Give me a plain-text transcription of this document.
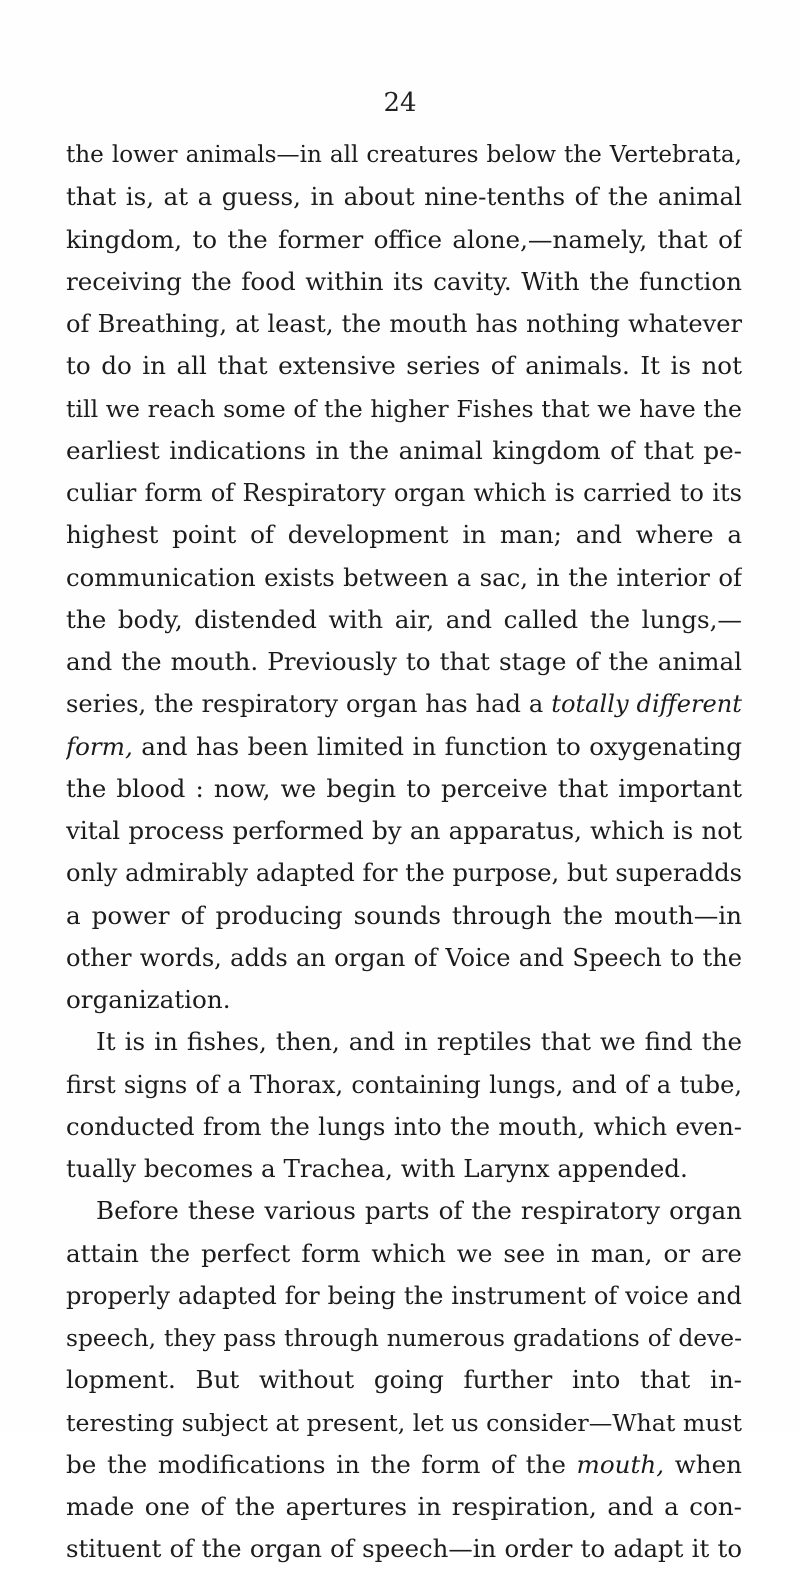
24
the lower animals—in all creatures below the Vertebrata,
that is, at a guess, in about nine-tenths of the animal
kingdom, to the former office alone,—namely, that of
receiving the food within its cavity. With the function
of Breathing, at least, the mouth has nothing whatever
to do in all that extensive series of animals. It is not
till we reach some of the higher Fishes that we have the
earliest indications in the animal kingdom of that pe-
culiar form of Respiratory organ which is carried to its
highest point of development in man; and where a
communication exists between a sac, in the interior of
the body, distended with air, and called the lungs,—
and the mouth. Previously to that stage of the animal
series, the respiratory organ has had a totally different
form, and has been limited in function to oxygenating
the blood : now, we begin to perceive that important
vital process performed by an apparatus, which is not
only admirably adapted for the purpose, but superadds
a power of producing sounds through the mouth—in
other words, adds an organ of Voice and Speech to the
organization.
It is in fishes, then, and in reptiles that we find the
first signs of a Thorax, containing lungs, and of a tube,
conducted from the lungs into the mouth, which even-
tually becomes a Trachea, with Larynx appended.
Before these various parts of the respiratory organ
attain the perfect form which we see in man, or are
properly adapted for being the instrument of voice and
speech, they pass through numerous gradations of deve-
lopment. But without going further into that in-
teresting subject at present, let us consider—What must
be the modifications in the form of the mouth, when
made one of the apertures in respiration, and a con-
stituent of the organ of speech—in order to adapt it to
